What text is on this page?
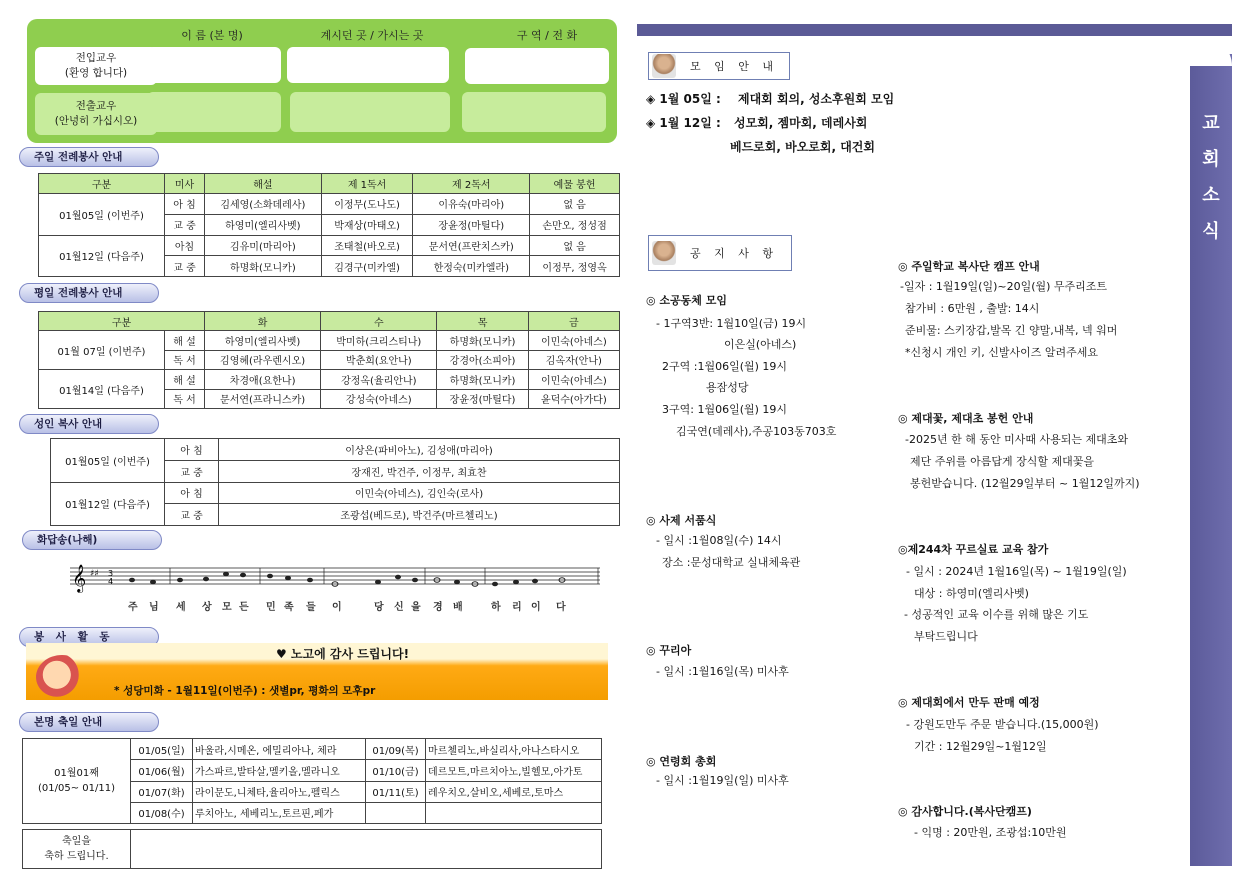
이 름 (본 명)	계시던 곳 / 가시는 곳	구 역 / 전 화
전입교우
(환영 합니다)
전출교우
(안녕히 가십시오)
주일 전례봉사 안내
구분	미사	해설	제 1독서	제 2독서	예물 봉헌
01월05일 (이번주)	아 침	김세영(소화데레사)	이정무(도나도)	이유숙(마리아)	없 음
	교 중	하영미(엘리사벳)	박재상(마태오)	장윤정(마틸다)	손만오, 정성점
01월12일 (다음주)	아침	김유미(마리아)	조태철(바오로)	문서연(프란치스카)	없 음
	교 중	하명화(모니카)	김경구(미카엘)	한정숙(미카엘라)	이정무, 정영옥
평일 전례봉사 안내
구분		화	수	목	금
01월 07일 (이번주)	해 설	하영미(엘리사벳)	박미하(크리스티나)	하명화(모니카)	이민숙(아네스)
	독 서	김영혜(라우렌시오)	박춘희(요안나)	강경아(소피아)	김옥자(안나)
01월14일 (다음주)	해 설	차경애(요한나)	강정옥(율리안나)	하명화(모니카)	이민숙(아네스)
	독 서	문서연(프라니스카)	강성숙(아네스)	장윤정(마틸다)	윤덕수(아가다)
성인 복사 안내
01월05일 (이번주)	아 침	이상은(파비아노), 김성애(마리아)
	교 중	장재진, 박건주, 이정무, 최효찬
01월12일 (다음주)	아 침	이민숙(아네스), 김인숙(로사)
	교 중	조광섭(베드로), 박건주(마르첼리노)
화답송(나해)
𝄞 ♯♯ 3
4
주 님 세 상 모 든 민 족 들 이	당 신 을 경 배	하 리 이 다
봉 사 활 동
♥ 노고에 감사 드립니다!
* 성당미화 - 1월11일(이번주) : 샛별pr, 평화의 모후pr
본명 축일 안내
01월01째
(01/05~ 01/11)	01/05(일)	바울라,시메온, 에밀리아나, 체라	01/09(목)	마르첼리노,바실리사,아나스타시오
	01/06(월)	가스파르,발타살,멜키올,멜라니오	01/10(금)	데르모트,마르치아노,빌헬모,아가토
	01/07(화)	라이문도,니체타,율리아노,펠릭스	01/11(토)	레우치오,살비오,세베로,토마스
	01/08(수)	루치아노, 세베리노,토르핀,페가		
축일을
축하 드립니다.

교
회
소
식
모 임 안 내
◈ 1월 05일 : 제대회 회의, 성소후원회 모임
◈ 1월 12일 : 성모회, 젬마회, 데레사회
베드로회, 바오로회, 대건회
공 지 사 항
◎ 소공동체 모임
- 1구역3반: 1월10일(금) 19시
이은실(아네스)
2구역 :1월06일(월) 19시
용잠성당
3구역: 1월06일(월) 19시
김국연(데레사),주공103동703호
◎ 사제 서품식
- 일시 :1월08일(수) 14시
장소 :문성대학교 실내체육관
◎ 꾸리아
- 일시 :1월16일(목) 미사후
◎ 연령회 총회
- 일시 :1월19일(일) 미사후
◎ 주일학교 복사단 캠프 안내
-일자 : 1월19일(일)~20일(월) 무주리조트
참가비 : 6만원 , 출발: 14시
준비물: 스키장갑,발목 긴 양말,내복, 넥 워머
*신청시 개인 키, 신발사이즈 알려주세요
◎ 제대꽃, 제대초 봉헌 안내
-2025년 한 해 동안 미사때 사용되는 제대초와
제단 주위를 아름답게 장식할 제대꽃을
봉헌받습니다. (12월29일부터 ~ 1월12일까지)
◎제244차 꾸르실료 교육 참가
- 일시 : 2024년 1월16일(목) ~ 1월19일(일)
대상 : 하영미(엘리사벳)
- 성공적인 교육 이수를 위해 많은 기도
부탁드립니다
◎ 제대회에서 만두 판매 예정
- 강원도만두 주문 받습니다.(15,000원)
기간 : 12월29일~1월12일
◎ 감사합니다.(복사단캠프)
- 익명 : 20만원, 조광섭:10만원
